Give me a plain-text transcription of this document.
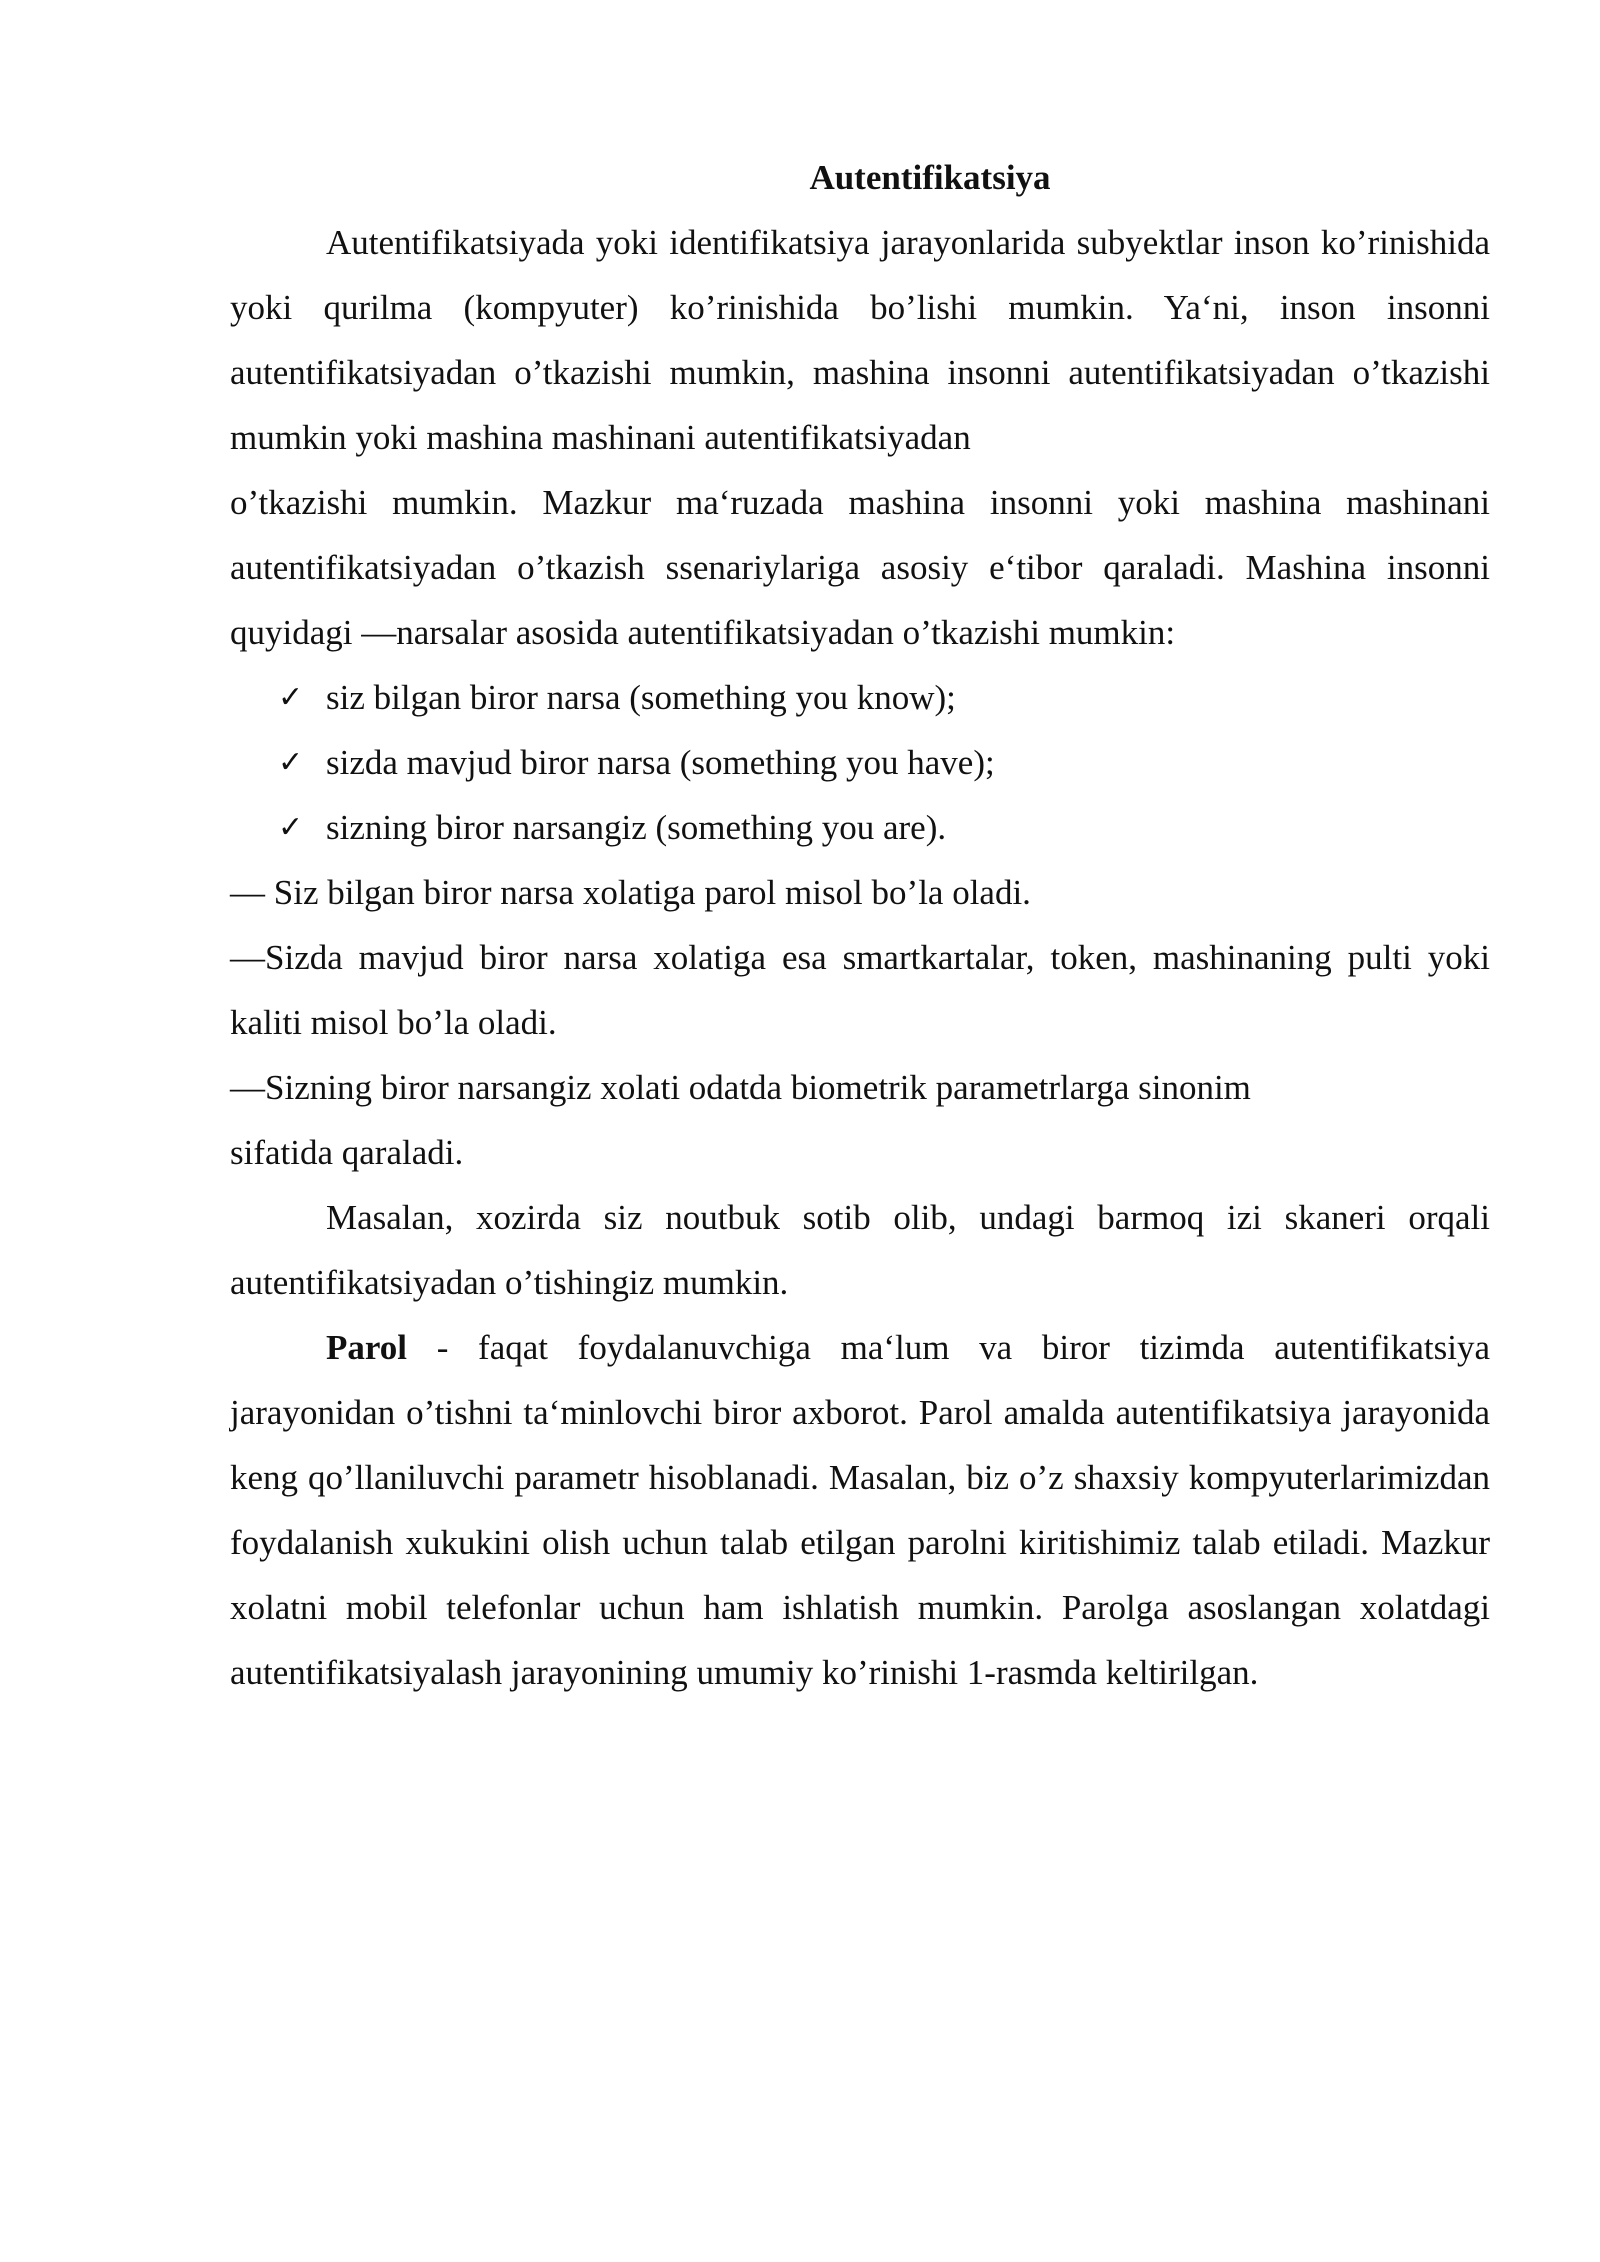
Autentifikatsiya

Autentifikatsiyada yoki identifikatsiya jarayonlarida subyektlar inson ko’rinishida yoki qurilma (kompyuter) ko’rinishida bo’lishi mumkin. Ya‘ni, inson insonni autentifikatsiyadan o’tkazishi mumkin, mashina insonni autentifikatsiyadan o’tkazishi mumkin yoki mashina mashinani autentifikatsiyadan

o’tkazishi mumkin. Mazkur ma‘ruzada mashina insonni yoki mashina mashinani autentifikatsiyadan o’tkazish ssenariylariga asosiy e‘tibor qaraladi. Mashina insonni quyidagi —narsalar asosida autentifikatsiyadan o’tkazishi mumkin:

✓ siz bilgan biror narsa (something you know);
✓ sizda mavjud biror narsa (something you have);
✓ sizning biror narsangiz (something you are).

— Siz bilgan biror narsa xolatiga parol misol bo’la oladi.

—Sizda mavjud biror narsa xolatiga esa smartkartalar, token, mashinaning pulti yoki kaliti misol bo’la oladi.

—Sizning biror narsangiz xolati odatda biometrik parametrlarga sinonim

sifatida qaraladi.

Masalan, xozirda siz noutbuk sotib olib, undagi barmoq izi skaneri orqali autentifikatsiyadan o’tishingiz mumkin.

Parol - faqat foydalanuvchiga ma‘lum va biror tizimda autentifikatsiya jarayonidan o’tishni ta‘minlovchi biror axborot. Parol amalda autentifikatsiya jarayonida keng qo’llaniluvchi parametr hisoblanadi. Masalan, biz o’z shaxsiy kompyuterlarimizdan foydalanish xukukini olish uchun talab etilgan parolni kiritishimiz talab etiladi. Mazkur xolatni mobil telefonlar uchun ham ishlatish mumkin. Parolga asoslangan xolatdagi autentifikatsiyalash jarayonining umumiy ko’rinishi 1-rasmda keltirilgan.
